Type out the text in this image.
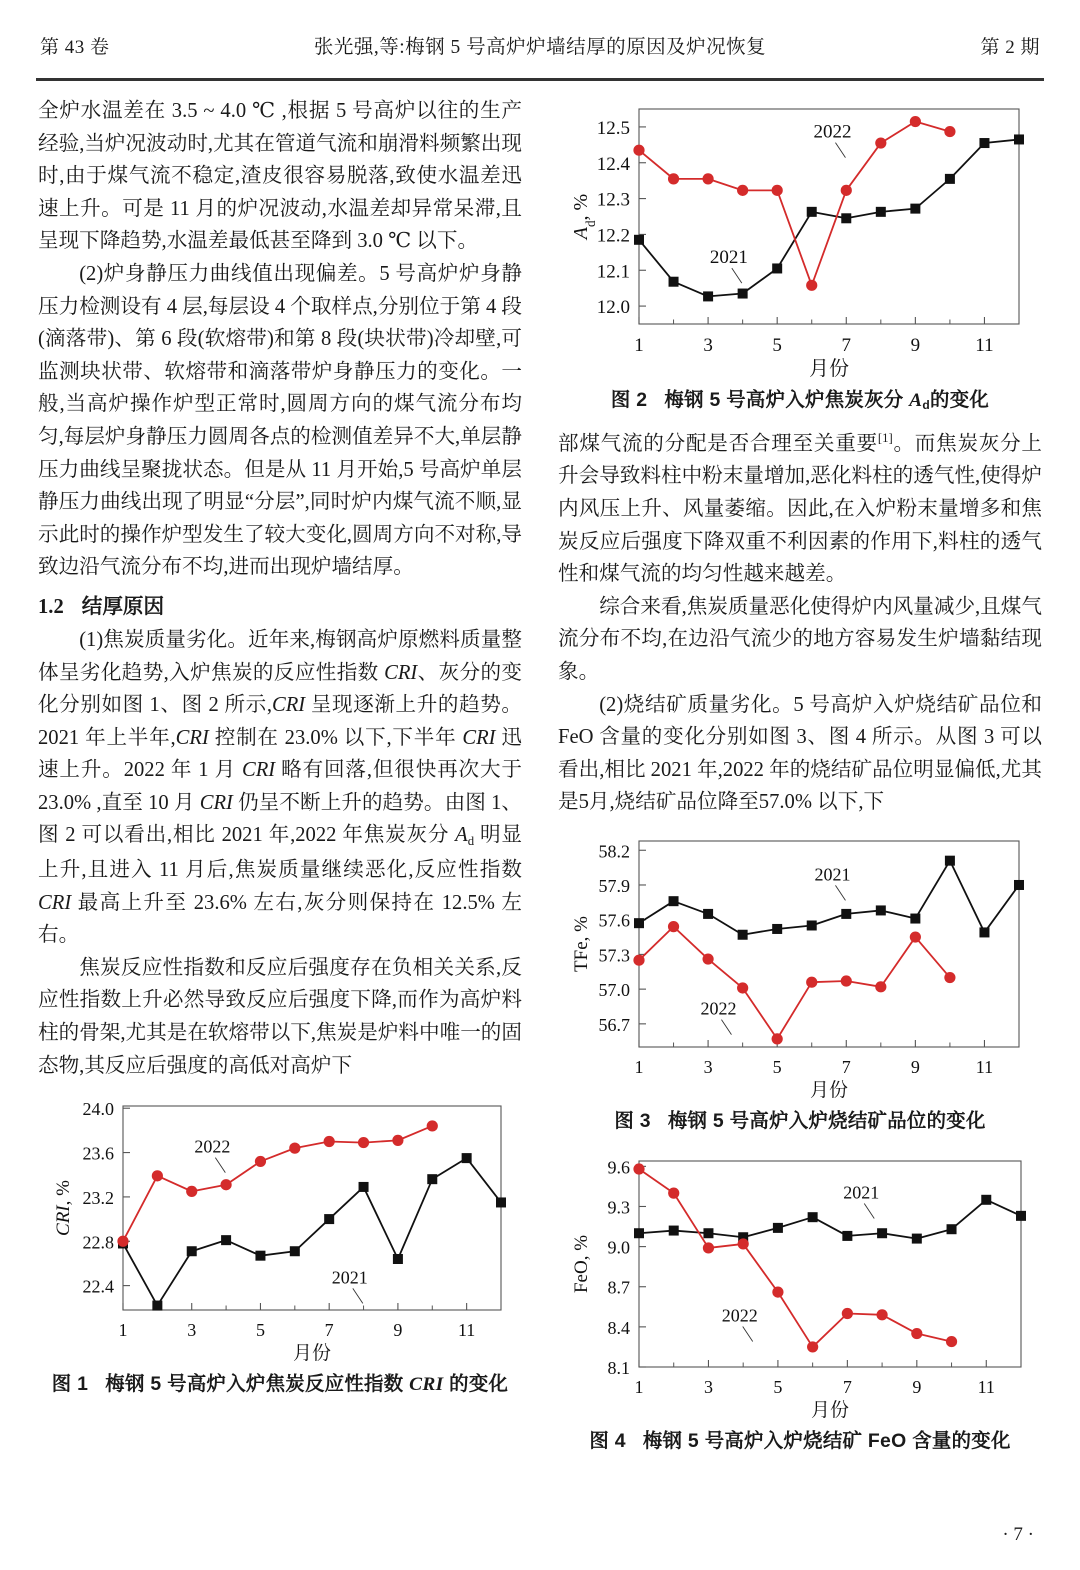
第 43 卷	张光强,等:梅钢 5 号高炉炉墙结厚的原因及炉况恢复	第 2 期

全炉水温差在 3.5 ~ 4.0 ℃ ,根据 5 号高炉以往的生产经验,当炉况波动时,尤其在管道气流和崩滑料频繁出现时,由于煤气流不稳定,渣皮很容易脱落,致使水温差迅速上升。可是 11 月的炉况波动,水温差却异常呆滞,且呈现下降趋势,水温差最低甚至降到 3.0 ℃ 以下。

(2)炉身静压力曲线值出现偏差。5 号高炉炉身静压力检测设有 4 层,每层设 4 个取样点,分别位于第 4 段(滴落带)、第 6 段(软熔带)和第 8 段(块状带)冷却壁,可监测块状带、软熔带和滴落带炉身静压力的变化。一般,当高炉操作炉型正常时,圆周方向的煤气流分布均匀,每层炉身静压力圆周各点的检测值差异不大,单层静压力曲线呈聚拢状态。但是从 11 月开始,5 号高炉单层静压力曲线出现了明显“分层”,同时炉内煤气流不顺,显示此时的操作炉型发生了较大变化,圆周方向不对称,导致边沿气流分布不均,进而出现炉墙结厚。

1.2 结厚原因

(1)焦炭质量劣化。近年来,梅钢高炉原燃料质量整体呈劣化趋势,入炉焦炭的反应性指数 CRI、灰分的变化分别如图 1、图 2 所示,CRI 呈现逐渐上升的趋势。2021 年上半年,CRI 控制在 23.0% 以下,下半年 CRI 迅速上升。2022 年 1 月 CRI 略有回落,但很快再次大于23.0% ,直至 10 月 CRI 仍呈不断上升的趋势。由图 1、图 2 可以看出,相比 2021 年,2022 年焦炭灰分 $A_d$ 明显上升,且进入 11 月后,焦炭质量继续恶化,反应性指数 CRI 最高上升至 23.6% 左右,灰分则保持在 12.5% 左右。

焦炭反应性指数和反应后强度存在负相关关系,反应性指数上升必然导致反应后强度下降,而作为高炉料柱的骨架,尤其是在软熔带以下,焦炭是炉料中唯一的固态物,其反应后强度的高低对高炉下

22.4
22.8
23.2
23.6
24.0
1	3	5	7	9	11
2022
2021
月份
CRI, %
图 1 梅钢 5 号高炉入炉焦炭反应性指数 CRI 的变化
12.0
12.1
12.2
12.3
12.4
12.5
1	3	5	7	9	11
2022
2021
月份
$A_d$, %
图 2 梅钢 5 号高炉入炉焦炭灰分 $A_d$的变化

部煤气流的分配是否合理至关重要[1]。而焦炭灰分上升会导致料柱中粉末量增加,恶化料柱的透气性,使得炉内风压上升、风量萎缩。因此,在入炉粉末量增多和焦炭反应后强度下降双重不利因素的作用下,料柱的透气性和煤气流的均匀性越来越差。

综合来看,焦炭质量恶化使得炉内风量减少,且煤气流分布不均,在边沿气流少的地方容易发生炉墙黏结现象。

(2)烧结矿质量劣化。5 号高炉入炉烧结矿品位和 FeO 含量的变化分别如图 3、图 4 所示。从图 3 可以看出,相比 2021 年,2022 年的烧结矿品位明显偏低,尤其是5月,烧结矿品位降至57.0% 以下,下

56.7
57.0
57.3
57.6
57.9
58.2
1	3	5	7	9	11
2021
2022
月份
TFe, %
图 3 梅钢 5 号高炉入炉烧结矿品位的变化
8.1
8.4
8.7
9.0
9.3
9.6
1	3	5	7	9	11
2021
2022
月份
FeO, %
图 4 梅钢 5 号高炉入炉烧结矿 FeO 含量的变化
· 7 ·
